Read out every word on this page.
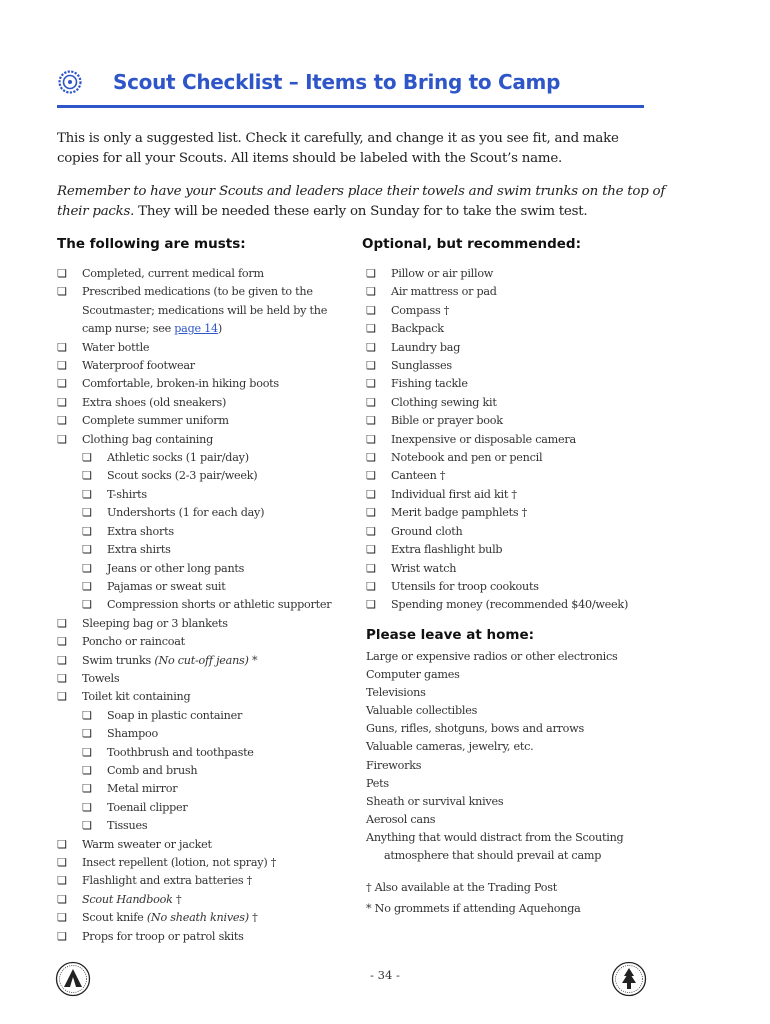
Scout Checklist – Items to Bring to Camp
This is only a suggested list. Check it carefully, and change it as you see fit, and make copies for all your Scouts. All items should be labeled with the Scout’s name.
Remember to have your Scouts and leaders place their towels and swim trunks on the top of their packs. They will be needed these early on Sunday for to take the swim test.
The following are musts:	Optional, but recommended:
❏ Completed, current medical form
❏ Prescribed medications (to be given to the
Scoutmaster; medications will be held by the
camp nurse; see page 14)
❏ Water bottle
❏ Waterproof footwear
❏ Comfortable, broken-in hiking boots
❏ Extra shoes (old sneakers)
❏ Complete summer uniform
❏ Clothing bag containing
❏ Athletic socks (1 pair/day)
❏ Scout socks (2-3 pair/week)
❏ T-shirts
❏ Undershorts (1 for each day)
❏ Extra shorts
❏ Extra shirts
❏ Jeans or other long pants
❏ Pajamas or sweat suit
❏ Compression shorts or athletic supporter
❏ Sleeping bag or 3 blankets
❏ Poncho or raincoat
❏ Swim trunks (No cut-off jeans) *
❏ Towels
❏ Toilet kit containing
❏ Soap in plastic container
❏ Shampoo
❏ Toothbrush and toothpaste
❏ Comb and brush
❏ Metal mirror
❏ Toenail clipper
❏ Tissues
❏ Warm sweater or jacket
❏ Insect repellent (lotion, not spray) †
❏ Flashlight and extra batteries †
❏ Scout Handbook †
❏ Scout knife (No sheath knives) †
❏ Props for troop or patrol skits
❏ Pillow or air pillow
❏ Air mattress or pad
❏ Compass †
❏ Backpack
❏ Laundry bag
❏ Sunglasses
❏ Fishing tackle
❏ Clothing sewing kit
❏ Bible or prayer book
❏ Inexpensive or disposable camera
❏ Notebook and pen or pencil
❏ Canteen †
❏ Individual first aid kit †
❏ Merit badge pamphlets †
❏ Ground cloth
❏ Extra flashlight bulb
❏ Wrist watch
❏ Utensils for troop cookouts
❏ Spending money (recommended $40/week)
Please leave at home:
Large or expensive radios or other electronics
Computer games
Televisions
Valuable collectibles
Guns, rifles, shotguns, bows and arrows
Valuable cameras, jewelry, etc.
Fireworks
Pets
Sheath or survival knives
Aerosol cans
Anything that would distract from the Scouting
atmosphere that should prevail at camp
† Also available at the Trading Post
* No grommets if attending Aquehonga
- 34 -
